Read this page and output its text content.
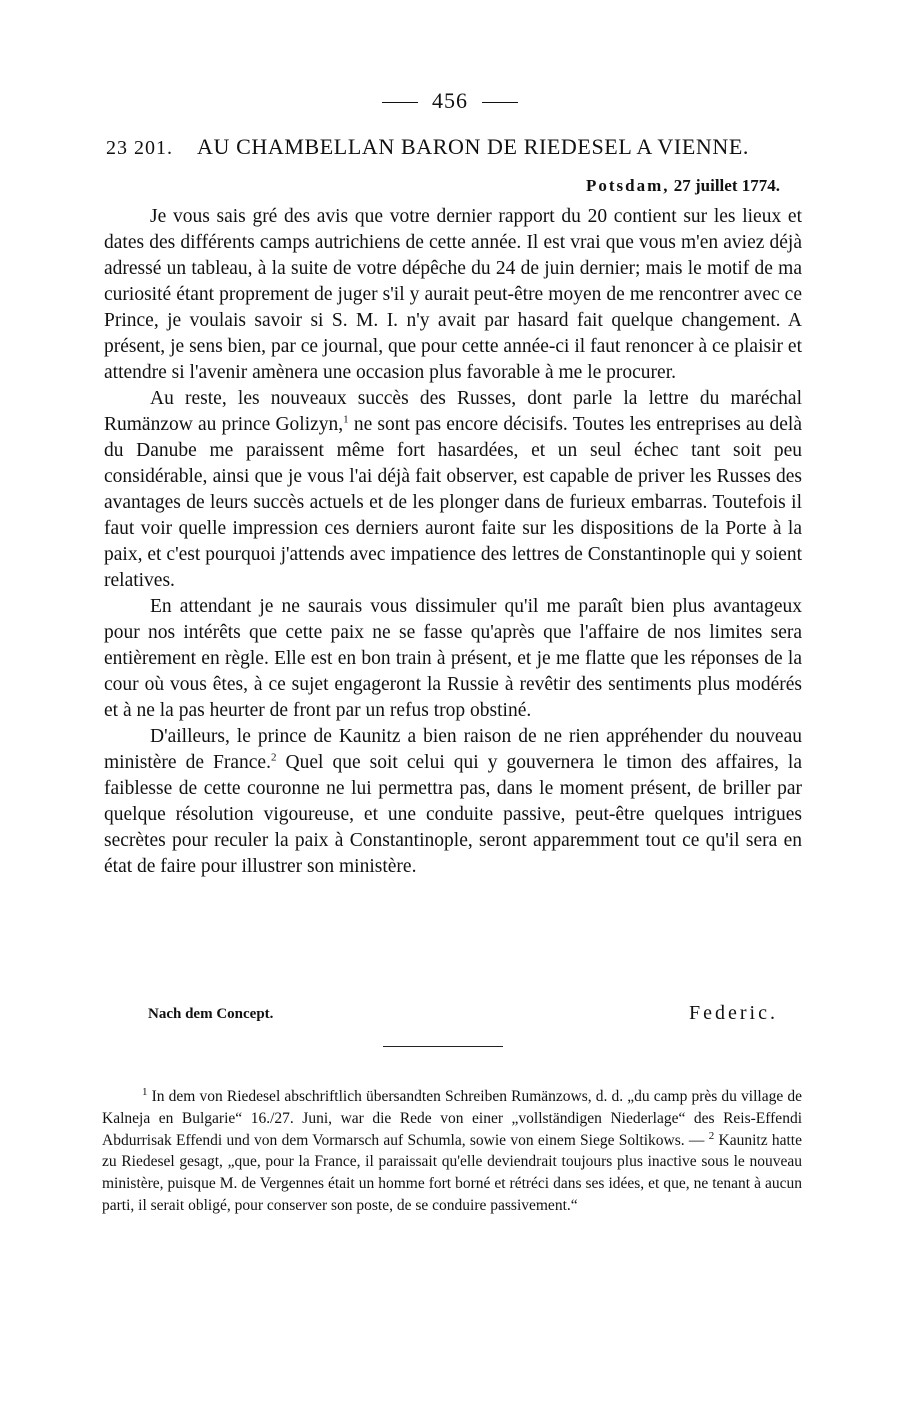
456
23 201. AU CHAMBELLAN BARON DE RIEDESEL A VIENNE.
Potsdam, 27 juillet 1774.

Je vous sais gré des avis que votre dernier rapport du 20 contient sur les lieux et dates des différents camps autrichiens de cette année. Il est vrai que vous m'en aviez déjà adressé un tableau, à la suite de votre dépêche du 24 de juin dernier; mais le motif de ma curiosité étant proprement de juger s'il y aurait peut-être moyen de me rencontrer avec ce Prince, je voulais savoir si S. M. I. n'y avait par hasard fait quelque changement. A présent, je sens bien, par ce journal, que pour cette année-ci il faut renoncer à ce plaisir et attendre si l'avenir amènera une occasion plus favorable à me le procurer.

Au reste, les nouveaux succès des Russes, dont parle la lettre du maréchal Rumänzow au prince Golizyn,$^1$ ne sont pas encore décisifs. Toutes les entreprises au delà du Danube me paraissent même fort hasardées, et un seul échec tant soit peu considérable, ainsi que je vous l'ai déjà fait observer, est capable de priver les Russes des avantages de leurs succès actuels et de les plonger dans de furieux embarras. Toutefois il faut voir quelle impression ces derniers auront faite sur les dispositions de la Porte à la paix, et c'est pourquoi j'attends avec impatience des lettres de Constantinople qui y soient relatives.

En attendant je ne saurais vous dissimuler qu'il me paraît bien plus avantageux pour nos intérêts que cette paix ne se fasse qu'après que l'affaire de nos limites sera entièrement en règle. Elle est en bon train à présent, et je me flatte que les réponses de la cour où vous êtes, à ce sujet engageront la Russie à revêtir des sentiments plus modérés et à ne la pas heurter de front par un refus trop obstiné.

D'ailleurs, le prince de Kaunitz a bien raison de ne rien appréhender du nouveau ministère de France.$^2$ Quel que soit celui qui y gouvernera le timon des affaires, la faiblesse de cette couronne ne lui permettra pas, dans le moment présent, de briller par quelque résolution vigoureuse, et une conduite passive, peut-être quelques intrigues secrètes pour reculer la paix à Constantinople, seront apparemment tout ce qu'il sera en état de faire pour illustrer son ministère.

Nach dem Concept.	Federic.

$^1$ In dem von Riedesel abschriftlich übersandten Schreiben Rumänzows, d. d. „du camp près du village de Kalneja en Bulgarie“ 16./27. Juni, war die Rede von einer „vollständigen Niederlage“ des Reis-Effendi Abdurrisak Effendi und von dem Vormarsch auf Schumla, sowie von einem Siege Soltikows. — $^2$ Kaunitz hatte zu Riedesel gesagt, „que, pour la France, il paraissait qu'elle deviendrait toujours plus inactive sous le nouveau ministère, puisque M. de Vergennes était un homme fort borné et rétréci dans ses idées, et que, ne tenant à aucun parti, il serait obligé, pour conserver son poste, de se conduire passivement.“
